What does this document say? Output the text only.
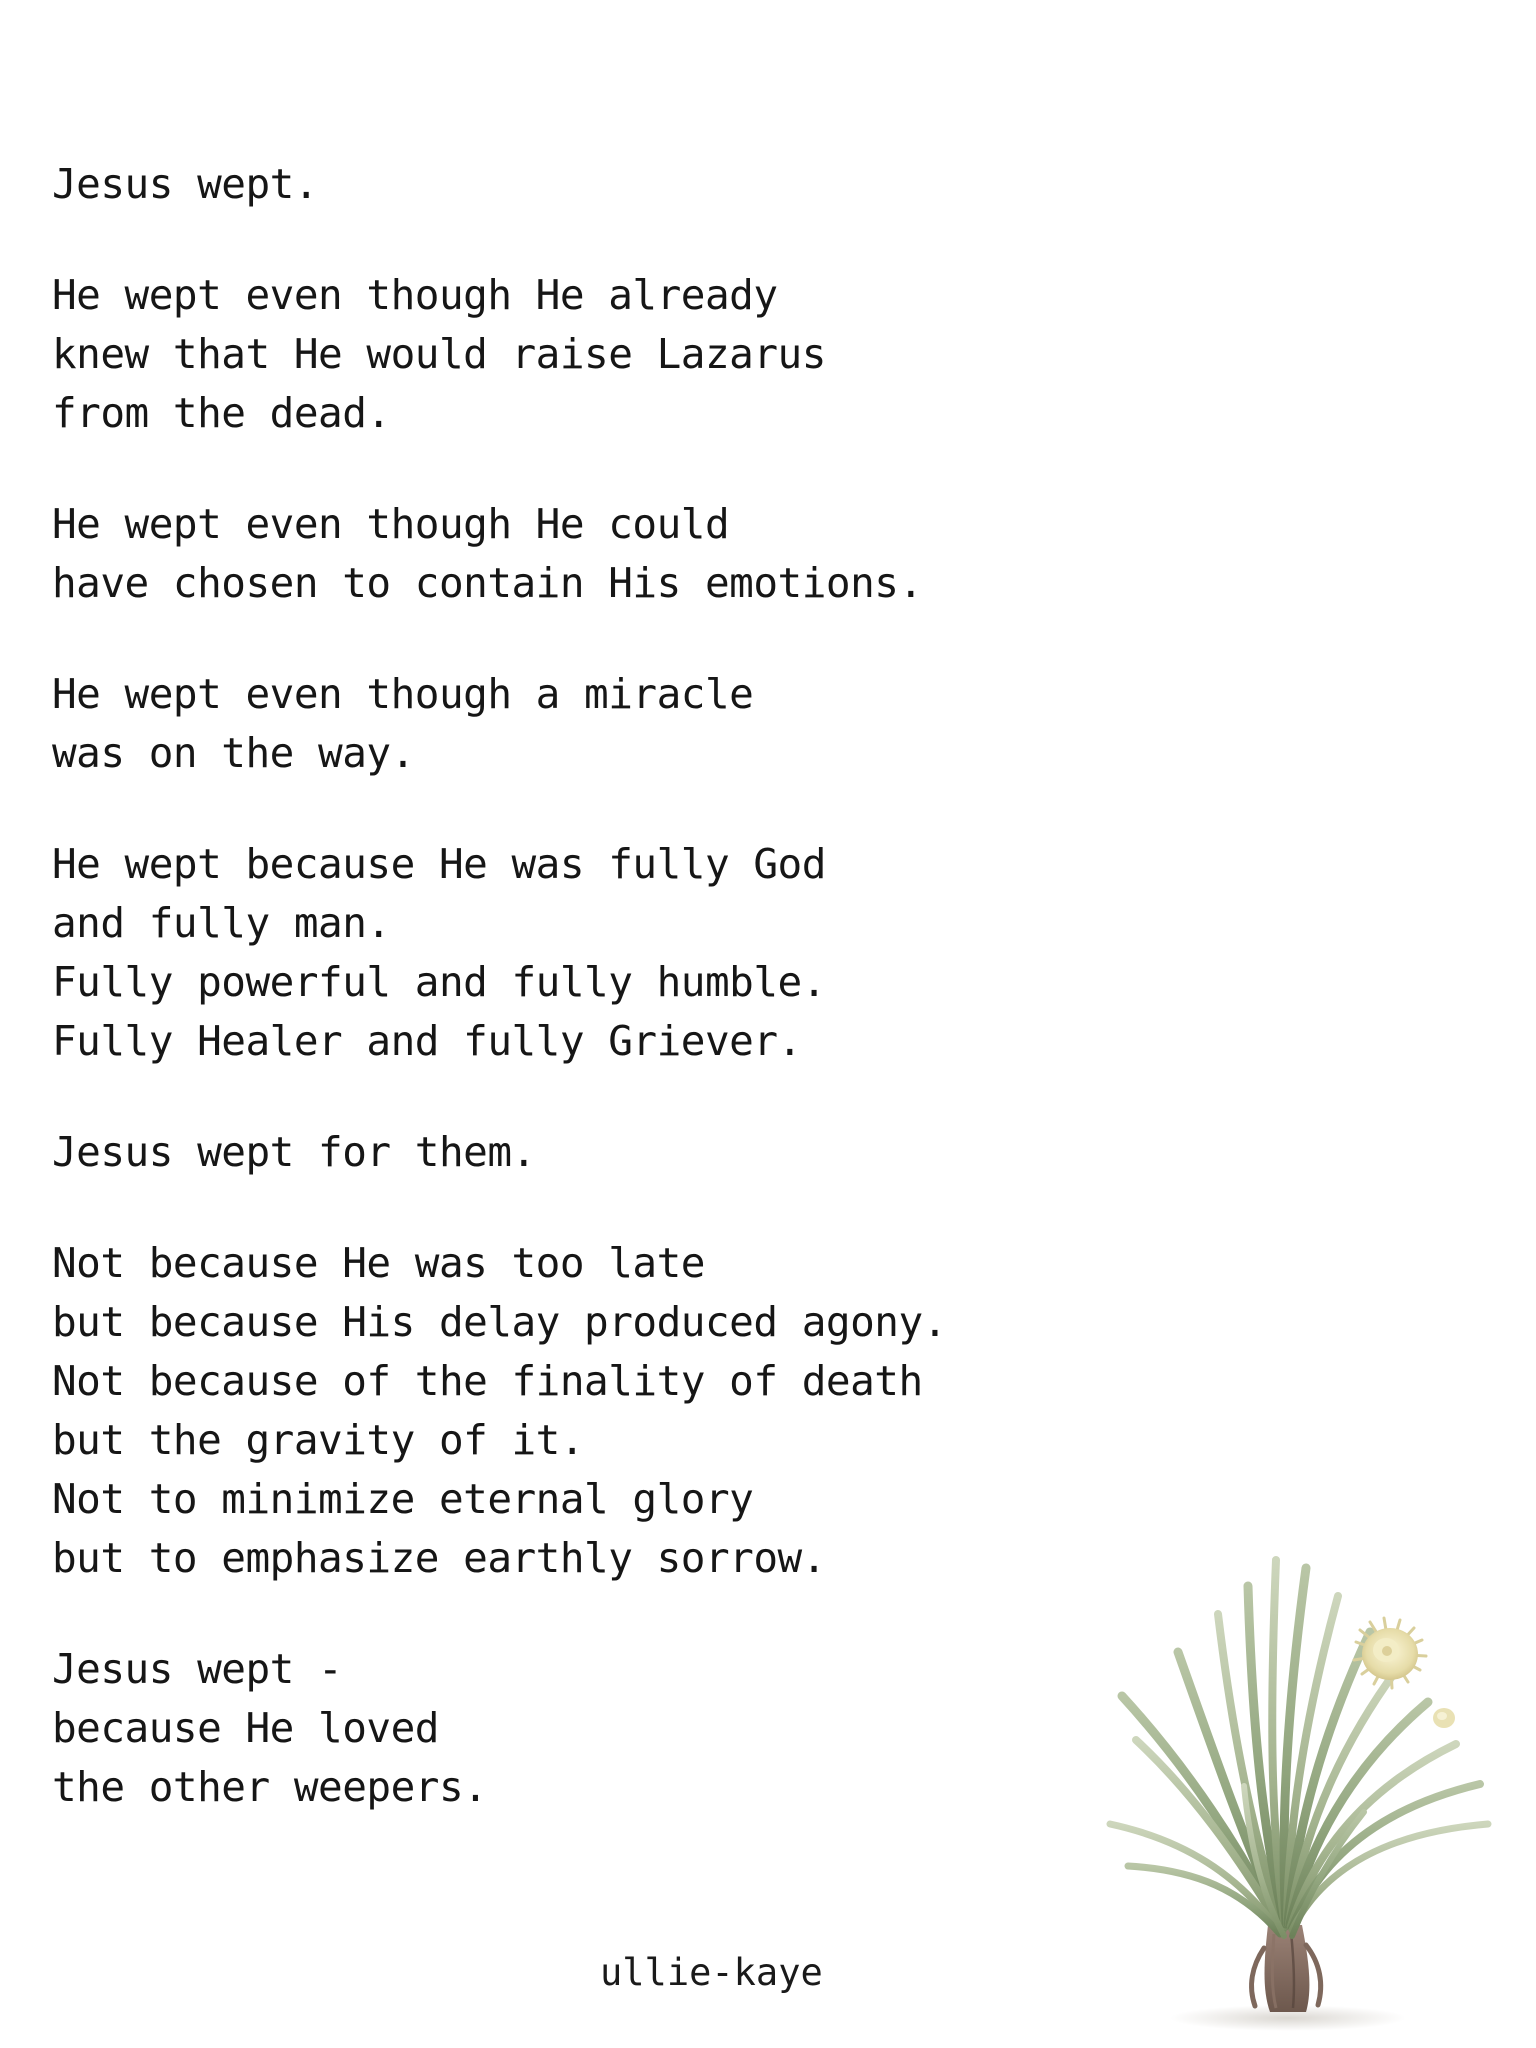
Jesus wept.
He wept even though He already
knew that He would raise Lazarus
from the dead.
He wept even though He could
have chosen to contain His emotions.
He wept even though a miracle
was on the way.
He wept because He was fully God
and fully man.
Fully powerful and fully humble.
Fully Healer and fully Griever.
Jesus wept for them.
Not because He was too late
but because His delay produced agony.
Not because of the finality of death
but the gravity of it.
Not to minimize eternal glory
but to emphasize earthly sorrow.
Jesus wept -
because He loved
the other weepers.
ullie-kaye
